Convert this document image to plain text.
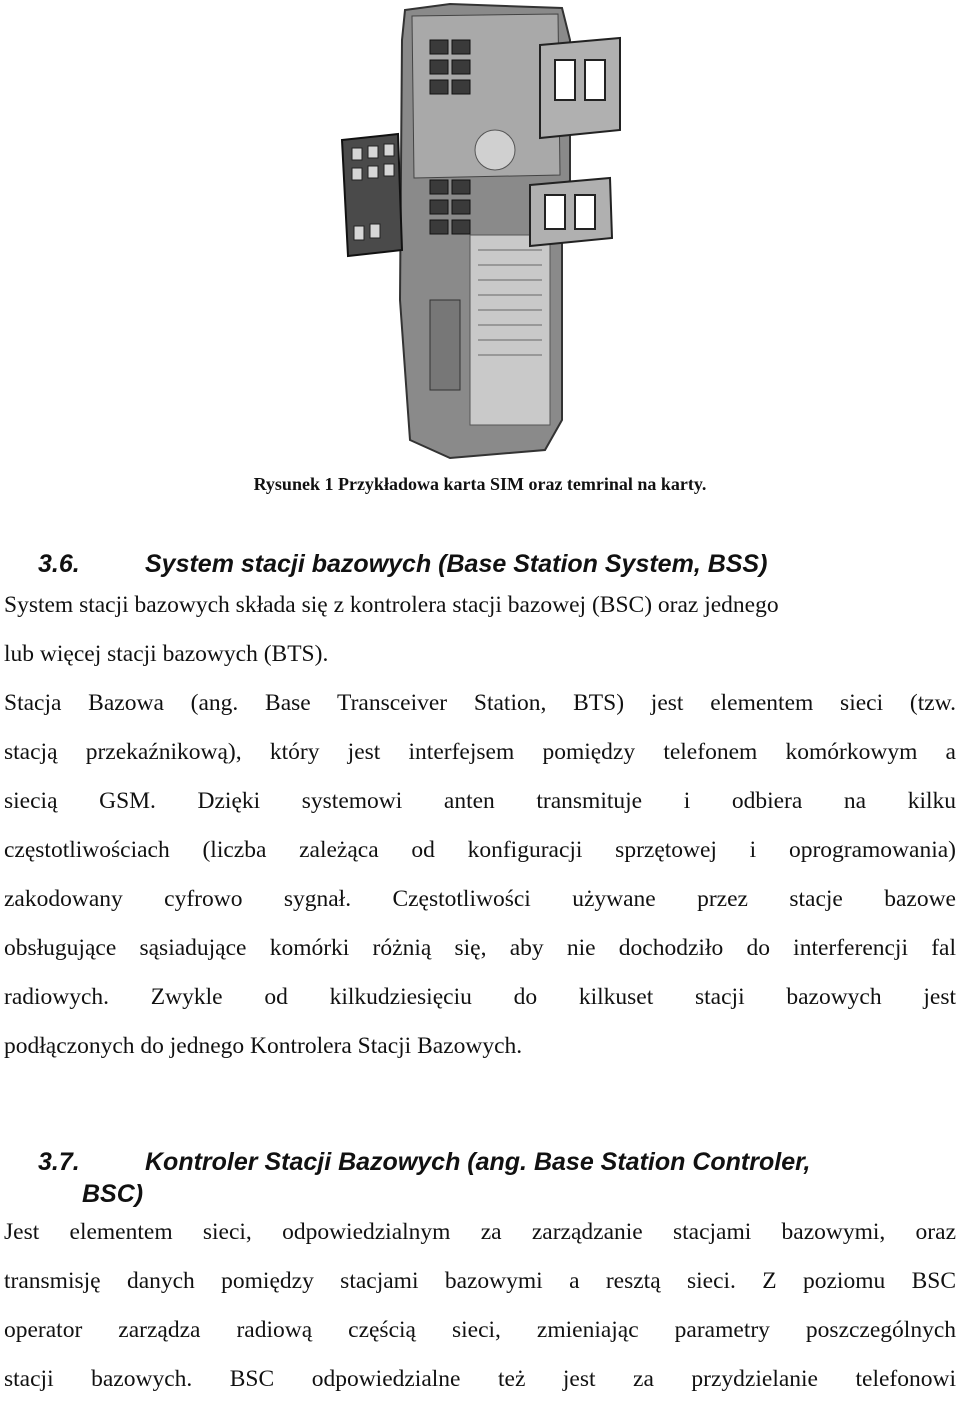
Rysunek 1 Przykładowa karta SIM oraz temrinal na karty.
3.6.	System stacji bazowych (Base Station System, BSS)
System stacji bazowych składa się z kontrolera stacji bazowej (BSC) oraz jednego
lub więcej stacji bazowych (BTS).
Stacja Bazowa (ang. Base Transceiver Station, BTS) jest elementem sieci (tzw.
stacją przekaźnikową), który jest interfejsem pomiędzy telefonem komórkowym a
siecią GSM. Dzięki systemowi anten transmituje i odbiera na kilku
częstotliwościach (liczba zależąca od konfiguracji sprzętowej i oprogramowania)
zakodowany cyfrowo sygnał. Częstotliwości używane przez stacje bazowe
obsługujące sąsiadujące komórki różnią się, aby nie dochodziło do interferencji fal
radiowych. Zwykle od kilkudziesięciu do kilkuset stacji bazowych jest
podłączonych do jednego Kontrolera Stacji Bazowych.
3.7.	Kontroler Stacji Bazowych (ang. Base Station Controler,
BSC)
Jest elementem sieci, odpowiedzialnym za zarządzanie stacjami bazowymi, oraz
transmisję danych pomiędzy stacjami bazowymi a resztą sieci. Z poziomu BSC
operator zarządza radiową częścią sieci, zmieniając parametry poszczególnych
stacji bazowych. BSC odpowiedzialne też jest za przydzielanie telefonowi
